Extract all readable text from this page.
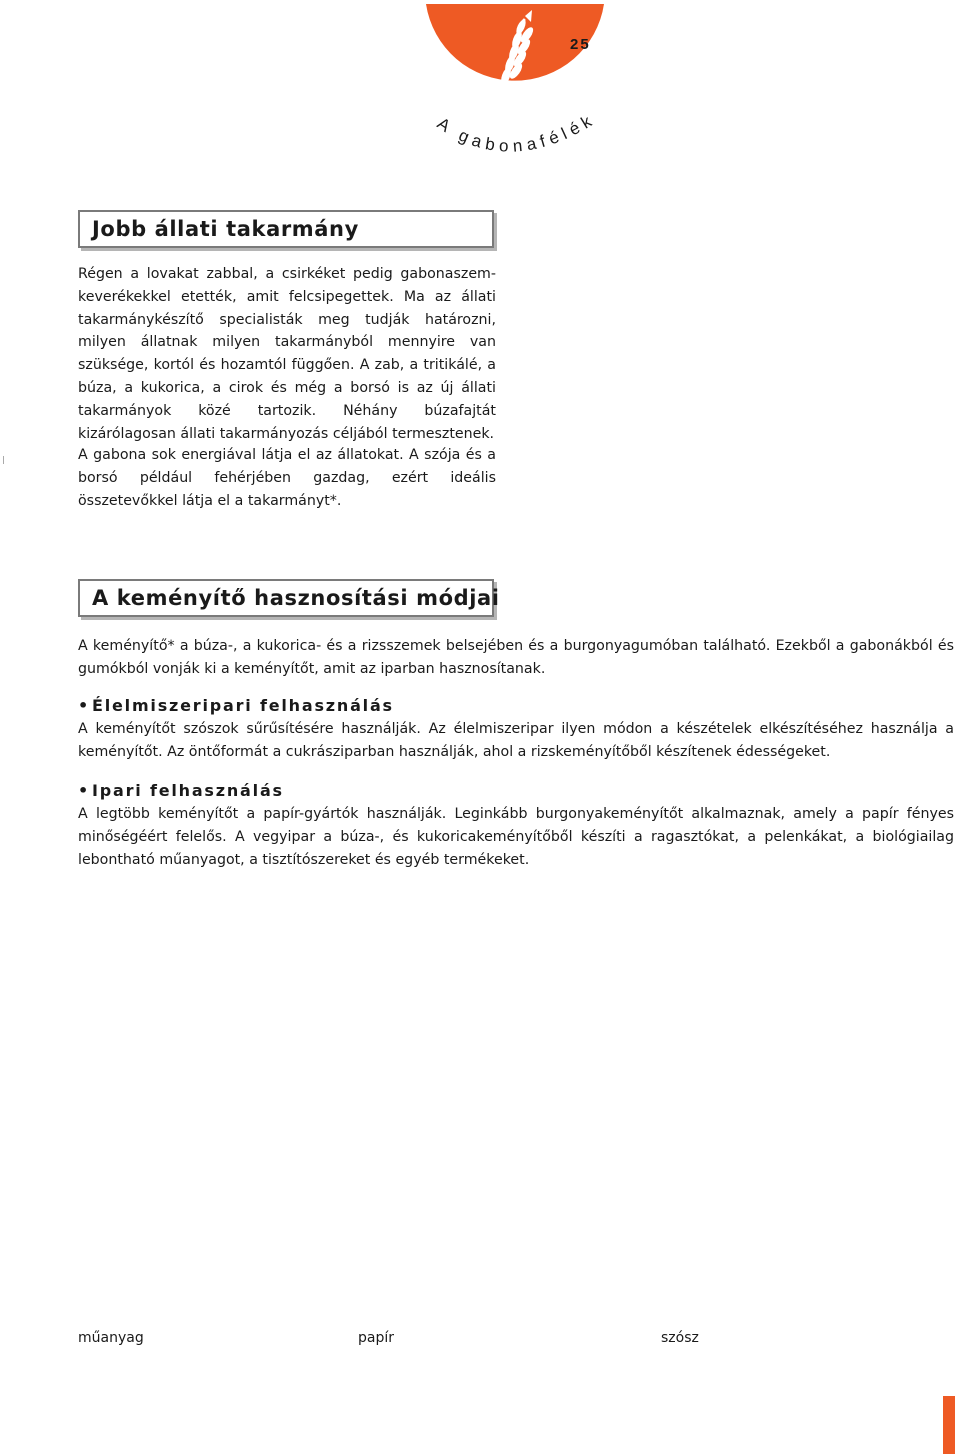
25
A gabonafélék
Jobb állati takarmány

Régen a lovakat zabbal, a csirkéket pedig gabonaszem-keverékekkel etették, amit felcsipegettek. Ma az állati takarmánykészítő specialisták meg tudják határozni, milyen állatnak milyen takarmányból mennyire van szüksége, kortól és hozamtól függően. A zab, a tritikálé, a búza, a kukorica, a cirok és még a borsó is az új állati takarmányok közé tartozik. Néhány búzafajtát kizárólagosan állati takarmányozás céljából termesztenek.

A gabona sok energiával látja el az állatokat. A szója és a borsó például fehérjében gazdag, ezért ideális összetevőkkel látja el a takarmányt*.

A keményítő hasznosítási módjai

A keményítő* a búza-, a kukorica- és a rizsszemek belsejében és a burgonyagumóban található. Ezekből a gabonákból és gumókból vonják ki a keményítőt, amit az iparban hasznosítanak.

• Élelmiszeripari felhasználás

A keményítőt szószok sűrűsítésére használják. Az élelmiszeripar ilyen módon a készételek elkészítéséhez használja a keményítőt. Az öntőformát a cukrásziparban használják, ahol a rizskeményítőből készítenek édességeket.

• Ipari felhasználás

A legtöbb keményítőt a papír-gyártók használják. Leginkább burgonyakeményítőt alkalmaznak, amely a papír fényes minőségéért felelős. A vegyipar a búza-, és kukoricakeményítőből készíti a ragasztókat, a pelenkákat, a biológiailag lebontható műanyagot, a tisztítószereket és egyéb termékeket.

műanyag	papír	szósz
